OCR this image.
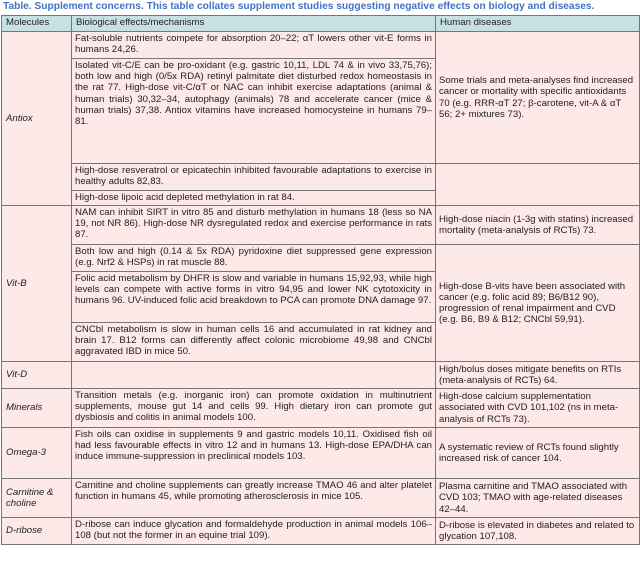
Table. Supplement concerns. This table collates supplement studies suggesting negative effects on biology and diseases.
Molecules	Biological effects/mechanisms	Human diseases
Antiox	Fat-soluble nutrients compete for absorption 20–22; αT lowers other vit-E forms in humans 24,26.	Some trials and meta-analyses find increased cancer or mortality with specific antioxidants 70 (e.g. RRR-αT 27; β-carotene, vit-A & αT 56; 2+ mixtures 73).
	Isolated vit-C/E can be pro-oxidant (e.g. gastric 10,11, LDL 74 & in vivo 33,75,76); both low and high (0/5x RDA) retinyl palmitate diet disturbed redox homeostasis in the rat 77. High-dose vit-C/αT or NAC can inhibit exercise adaptations (animal & human trials) 30,32–34, autophagy (animals) 78 and accelerate cancer (mice & human trials) 37,38. Antiox vitamins have increased homocysteine in humans 79–81.	
	High-dose resveratrol or epicatechin inhibited favourable adaptations to exercise in healthy adults 82,83.	
	High-dose lipoic acid depleted methylation in rat 84.	
Vit-B	NAM can inhibit SIRT in vitro 85 and disturb methylation in humans 18 (less so NA 19, not NR 86). High-dose NR dysregulated redox and exercise performance in rats 87.	High-dose niacin (1-3g with statins) increased mortality (meta-analysis of RCTs) 73.
	Both low and high (0.14 & 5x RDA) pyridoxine diet suppressed gene expression (e.g. Nrf2 & HSPs) in rat muscle 88.	High-dose B-vits have been associated with cancer (e.g. folic acid 89; B6/B12 90), progression of renal impairment and CVD (e.g. B6, B9 & B12; CNCbl 59,91).
	Folic acid metabolism by DHFR is slow and variable in humans 15,92,93, while high levels can compete with active forms in vitro 94,95 and lower NK cytotoxicity in humans 96. UV-induced folic acid breakdown to PCA can promote DNA damage 97.	
	CNCbl metabolism is slow in human cells 16 and accumulated in rat kidney and brain 17. B12 forms can differently affect colonic microbiome 49,98 and CNCbl aggravated IBD in mice 50.	
Vit-D		High/bolus doses mitigate benefits on RTIs (meta-analysis of RCTs) 64.
Minerals	Transition metals (e.g. inorganic iron) can promote oxidation in multinutrient supplements, mouse gut 14 and cells 99. High dietary iron can promote gut dysbiosis and colitis in animal models 100.	High-dose calcium supplementation associated with CVD 101,102 (ns in meta-analysis of RCTs 73).
Omega-3	Fish oils can oxidise in supplements 9 and gastric models 10,11. Oxidised fish oil had less favourable effects in vitro 12 and in humans 13. High-dose EPA/DHA can induce immune-suppression in preclinical models 103.	A systematic review of RCTs found slightly increased risk of cancer 104.
Carnitine & choline	Carnitine and choline supplements can greatly increase TMAO 46 and alter platelet function in humans 45, while promoting atherosclerosis in mice 105.	Plasma carnitine and TMAO associated with CVD 103; TMAO with age-related diseases 42–44.
D-ribose	D-ribose can induce glycation and formaldehyde production in animal models 106–108 (but not the former in an equine trial 109).	D-ribose is elevated in diabetes and related to glycation 107,108.
